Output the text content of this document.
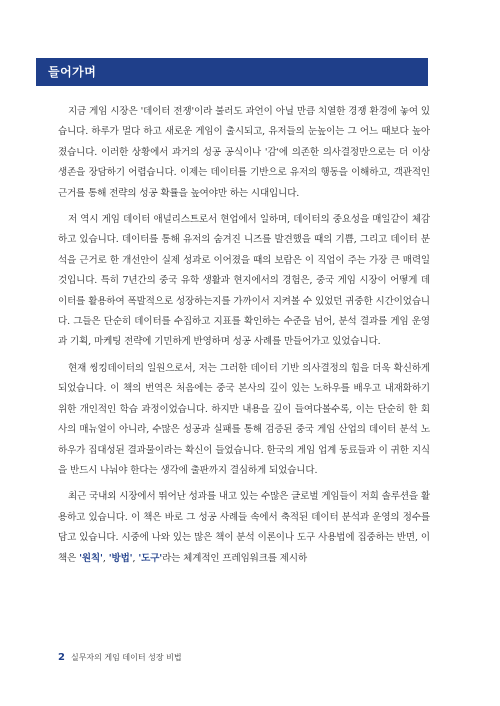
들어가며

지금 게임 시장은 '데이터 전쟁'이라 불러도 과언이 아닐 만큼 치열한 경쟁 환경에 놓여 있습니다. 하루가 멀다 하고 새로운 게임이 출시되고, 유저들의 눈높이는 그 어느 때보다 높아졌습니다. 이러한 상황에서 과거의 성공 공식이나 '감'에 의존한 의사결정만으로는 더 이상 생존을 장담하기 어렵습니다. 이제는 데이터를 기반으로 유저의 행동을 이해하고, 객관적인 근거를 통해 전략의 성공 확률을 높여야만 하는 시대입니다.

저 역시 게임 데이터 애널리스트로서 현업에서 일하며, 데이터의 중요성을 매일같이 체감하고 있습니다. 데이터를 통해 유저의 숨겨진 니즈를 발견했을 때의 기쁨, 그리고 데이터 분석을 근거로 한 개선안이 실제 성과로 이어졌을 때의 보람은 이 직업이 주는 가장 큰 매력일 것입니다. 특히 7년간의 중국 유학 생활과 현지에서의 경험은, 중국 게임 시장이 어떻게 데이터를 활용하여 폭발적으로 성장하는지를 가까이서 지켜볼 수 있었던 귀중한 시간이었습니다. 그들은 단순히 데이터를 수집하고 지표를 확인하는 수준을 넘어, 분석 결과를 게임 운영과 기획, 마케팅 전략에 기민하게 반영하며 성공 사례를 만들어가고 있었습니다.

현재 씽킹데이터의 일원으로서, 저는 그러한 데이터 기반 의사결정의 힘을 더욱 확신하게 되었습니다. 이 책의 번역은 처음에는 중국 본사의 깊이 있는 노하우를 배우고 내재화하기 위한 개인적인 학습 과정이었습니다. 하지만 내용을 깊이 들여다볼수록, 이는 단순히 한 회사의 매뉴얼이 아니라, 수많은 성공과 실패를 통해 검증된 중국 게임 산업의 데이터 분석 노하우가 집대성된 결과물이라는 확신이 들었습니다. 한국의 게임 업계 동료들과 이 귀한 지식을 반드시 나눠야 한다는 생각에 출판까지 결심하게 되었습니다.

최근 국내외 시장에서 뛰어난 성과를 내고 있는 수많은 글로벌 게임들이 저희 솔루션을 활용하고 있습니다. 이 책은 바로 그 성공 사례들 속에서 축적된 데이터 분석과 운영의 정수를 담고 있습니다. 시중에 나와 있는 많은 책이 분석 이론이나 도구 사용법에 집중하는 반면, 이 책은 '원칙', '방법', '도구'라는 체계적인 프레임워크를 제시하

2 실무자의 게임 데이터 성장 비법
